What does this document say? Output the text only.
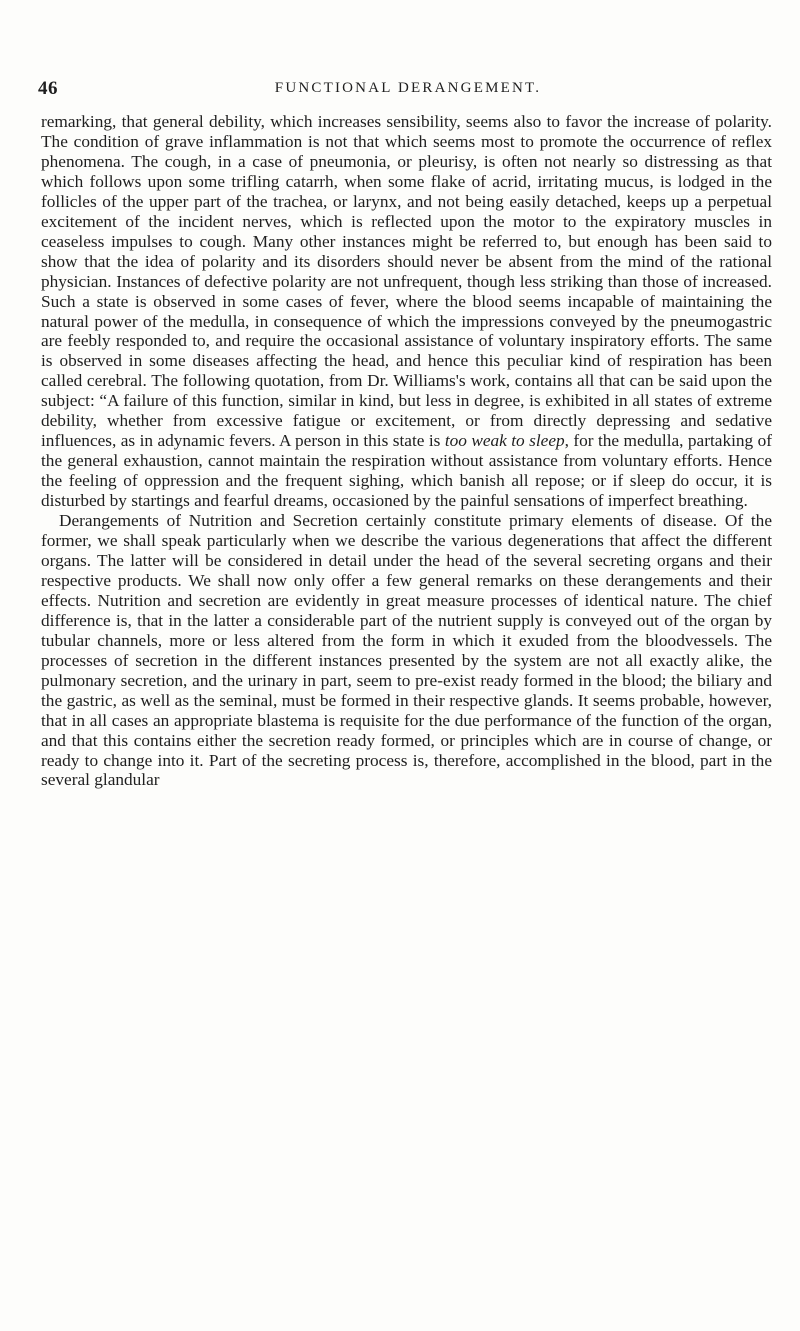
46	FUNCTIONAL DERANGEMENT.

remarking, that general debility, which increases sensibility, seems also to favor the increase of polarity. The condition of grave inflammation is not that which seems most to promote the occurrence of reflex phenomena. The cough, in a case of pneumonia, or pleurisy, is often not nearly so distressing as that which follows upon some trifling catarrh, when some flake of acrid, irritating mucus, is lodged in the follicles of the upper part of the trachea, or larynx, and not being easily detached, keeps up a perpetual excitement of the incident nerves, which is reflected upon the motor to the expiratory muscles in ceaseless impulses to cough. Many other instances might be referred to, but enough has been said to show that the idea of polarity and its disorders should never be absent from the mind of the rational physician. Instances of defective polarity are not unfrequent, though less striking than those of increased. Such a state is observed in some cases of fever, where the blood seems incapable of maintaining the natural power of the medulla, in consequence of which the impressions conveyed by the pneumogastric are feebly responded to, and require the occasional assistance of voluntary inspiratory efforts. The same is observed in some diseases affecting the head, and hence this peculiar kind of respiration has been called cerebral. The following quotation, from Dr. Williams's work, contains all that can be said upon the subject: “A failure of this function, similar in kind, but less in degree, is exhibited in all states of extreme debility, whether from excessive fatigue or excitement, or from directly depressing and sedative influences, as in adynamic fevers. A person in this state is too weak to sleep, for the medulla, partaking of the general exhaustion, cannot maintain the respiration without assistance from voluntary efforts. Hence the feeling of oppression and the frequent sighing, which banish all repose; or if sleep do occur, it is disturbed by startings and fearful dreams, occasioned by the painful sensations of imperfect breathing.

Derangements of Nutrition and Secretion certainly constitute primary elements of disease. Of the former, we shall speak particularly when we describe the various degenerations that affect the different organs. The latter will be considered in detail under the head of the several secreting organs and their respective products. We shall now only offer a few general remarks on these derangements and their effects. Nutrition and secretion are evidently in great measure processes of identical nature. The chief difference is, that in the latter a considerable part of the nutrient supply is conveyed out of the organ by tubular channels, more or less altered from the form in which it exuded from the bloodvessels. The processes of secretion in the different instances presented by the system are not all exactly alike, the pulmonary secretion, and the urinary in part, seem to pre-exist ready formed in the blood; the biliary and the gastric, as well as the seminal, must be formed in their respective glands. It seems probable, however, that in all cases an appropriate blastema is requisite for the due performance of the function of the organ, and that this contains either the secretion ready formed, or principles which are in course of change, or ready to change into it. Part of the secreting process is, therefore, accomplished in the blood, part in the several glandular
